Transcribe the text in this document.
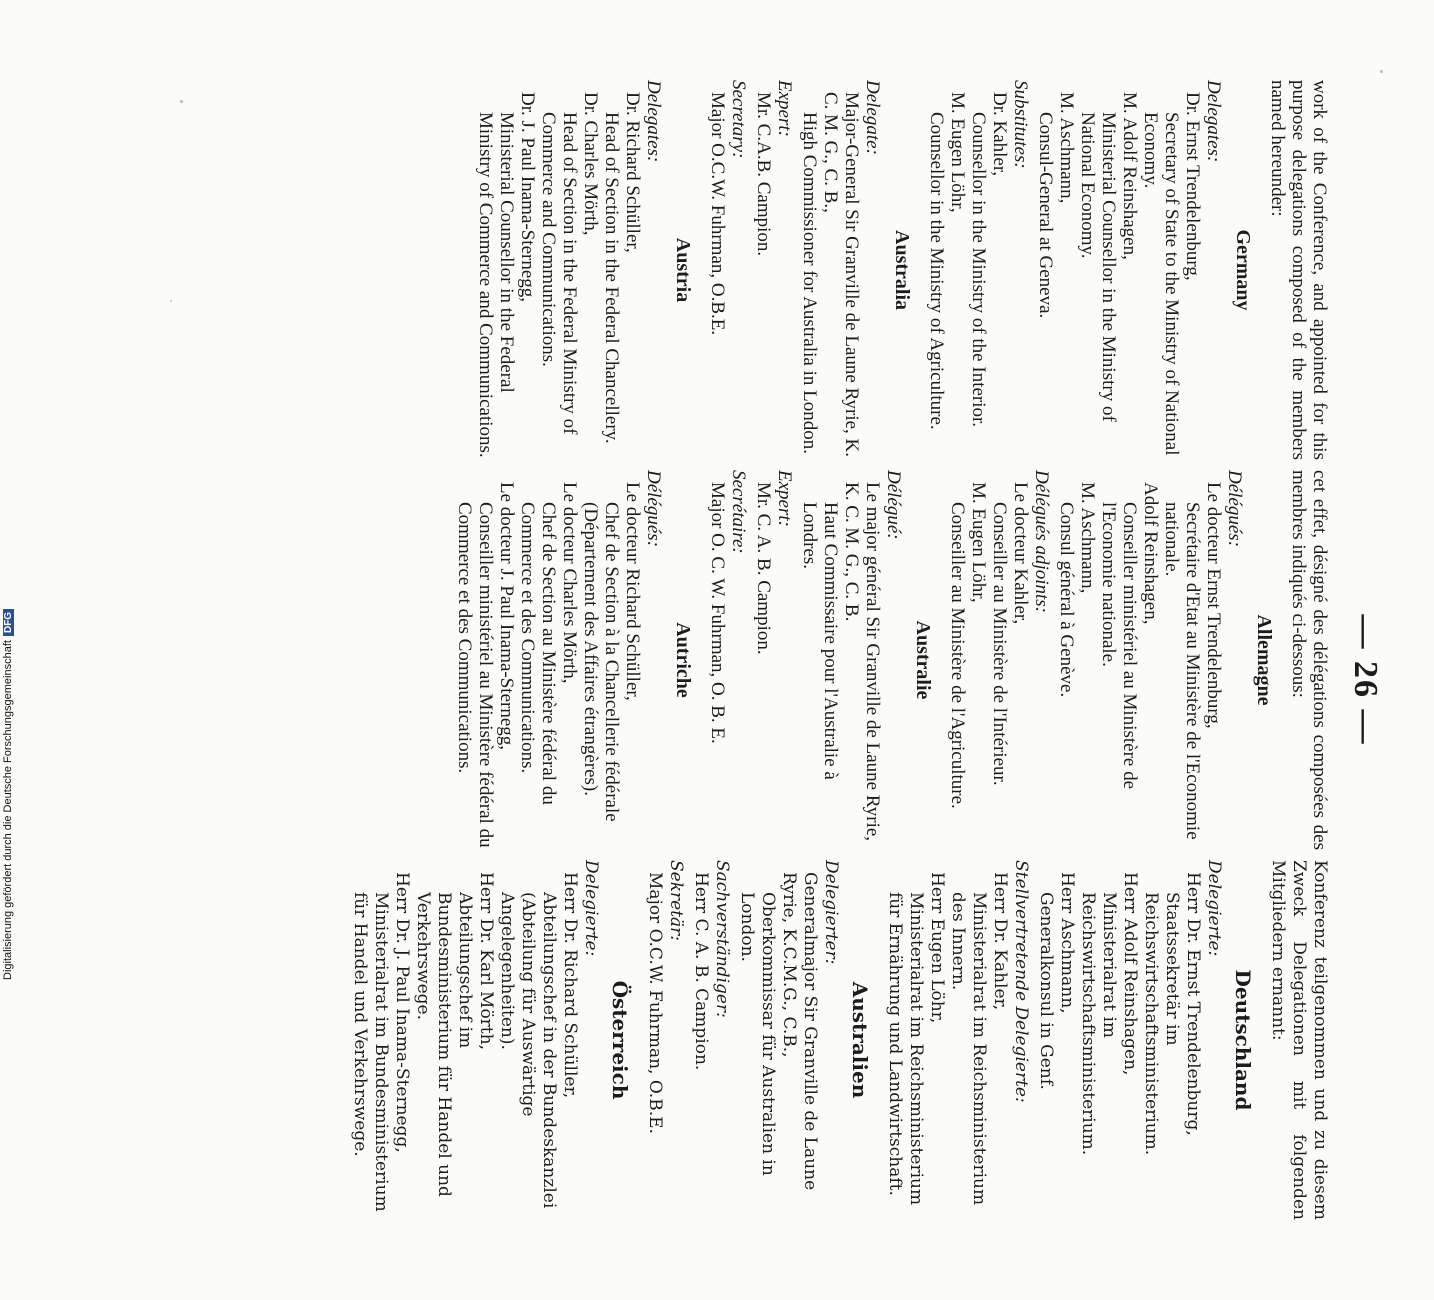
— 26 —
work of the Conference, and appointed for this purpose delegations composed of the members named hereunder:
Germany
Delegates:
Dr. Ernst Trendelenburg,
Secretary of State to the Ministry of National Economy.
M. Adolf Reinshagen,
Ministerial Counsellor in the Ministry of National Economy.
M. Aschmann,
Consul-General at Geneva.
Substitutes:
Dr. Kahler,
Counsellor in the Ministry of the Interior.
M. Eugen Löhr,
Counsellor in the Ministry of Agriculture.
Australia
Delegate:
Major-General Sir Granville de Laune Ryrie, K. C. M. G., C. B.,
High Commissioner for Australia in London.
Expert:
Mr. C.A.B. Campion.
Secretary:
Major O.C.W. Fuhrman, O.B.E.
Austria
Delegates:
Dr. Richard Schüller,
Head of Section in the Federal Chancellery.
Dr. Charles Mörth,
Head of Section in the Federal Ministry of Commerce and Communications.
Dr. J. Paul Inama-Sternegg,
Ministerial Counsellor in the Federal Ministry of Commerce and Communications.
cet effet, désigné des délégations composées des membres indiqués ci-dessous:
Allemagne
Délégués:
Le docteur Ernst Trendelenburg,
Secrétaire d'Etat au Ministère de l'Economie nationale.
Adolf Reinshagen,
Conseiller ministériel au Ministère de l'Economie nationale.
M. Aschmann,
Consul général à Genève.
Délégués adjoints:
Le docteur Kahler,
Conseiller au Ministère de l'Intérieur.
M. Eugen Löhr,
Conseiller au Ministère de l'Agriculture.
Australie
Délégué:
Le major général Sir Granville de Laune Ryrie, K. C. M. G., C. B.
Haut Commissaire pour l'Australie à Londres.
Expert:
Mr. C. A. B. Campion.
Secrétaire:
Major O. C. W. Fuhrman, O. B. E.
Autriche
Délégués:
Le docteur Richard Schüller,
Chef de Section à la Chancellerie fédérale (Département des Affaires étrangères).
Le docteur Charles Mörth,
Chef de Section au Ministère fédéral du Commerce et des Communications.
Le docteur J. Paul Inama-Sternegg,
Conseiller ministériel au Ministère fédéral du Commerce et des Communications.
Konferenz teilgenommen und zu diesem Zweck Delegationen mit folgenden Mitgliedern ernannt:
Deutschland
Delegierte:
Herr Dr. Ernst Trendelenburg,
Staatssekretär im Reichswirtschaftsministerium.
Herr Adolf Reinshagen,
Ministerialrat im Reichswirtschaftsministerium.
Herr Aschmann,
Generalkonsul in Genf.
Stellvertretende Delegierte:
Herr Dr. Kahler,
Ministerialrat im Reichsministerium des Innern.
Herr Eugen Löhr,
Ministerialrat im Reichsministerium für Ernährung und Landwirtschaft.
Australien
Delegierter:
Generalmajor Sir Granville de Laune Ryrie, K.C.M.G., C.B.,
Oberkommissar für Australien in London.
Sachverständiger:
Herr C. A. B. Campion.
Sekretär:
Major O.C.W. Fuhrman, O.B.E.
Österreich
Delegierte:
Herr Dr. Richard Schüller,
Abteilungschef in der Bundeskanzlei (Abteilung für Auswärtige Angelegenheiten).
Herr Dr. Karl Mörth,
Abteilungschef im Bundesministerium für Handel und Verkehrswege.
Herr Dr. J. Paul Inama-Sternegg,
Ministerialrat im Bundesministerium für Handel und Verkehrswege.
Digitalisierung gefördert durch die Deutsche ForschungsgemeinschaftDFG
